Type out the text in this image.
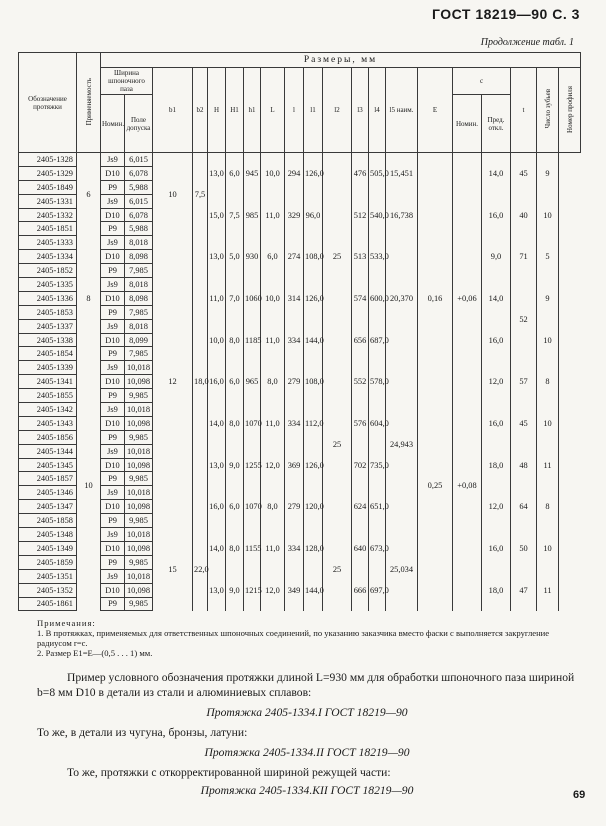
ГОСТ 18219—90 С. 3
Продолжение табл. 1
Обозначение протяжки	Применяемость	Размеры, мм																			
		Ширина шпоночного паза		b1	b2	H	H1	h1	L	l	l1	l2	l3	l4	l5 наим.	E	c		t	Число зубьев	Номер профиля
		Номин.	Поле допуска														Номин.	Пред. откл.			
2405-1328	6	Js9	6,015	10	7,5	13,0	6,0	945	10,0	294	126,0	25	476	505,0	15,451			14,0	45	9	
2405-1329		D10	6,078																		
2405-1849		P9	5,988																		
2405-1331		Js9	6,015			15,0	7,5	985	11,0	329	96,0		512	540,0	16,738			16,0	40	10	
2405-1332		D10	6,078																		
2405-1851		P9	5,988																		
2405-1333	8	Js9	8,018	12	18,0	13,0	5,0	930	6,0	274	108,0		513	533,0	20,370	0,16	+0,06	9,0	71	5	
2405-1334		D10	8,098																		
2405-1852		P9	7,985																		
2405-1335		Js9	8,018			11,0	7,0	1060	10,0	314	126,0		574	600,0				14,0	52	9	
2405-1336		D10	8,098																		
2405-1853		P9	7,985																		
2405-1337		Js9	8,018			10,0	8,0	1185	11,0	334	144,0		656	687,0				16,0		10	
2405-1338		D10	8,099																		
2405-1854		P9	7,985																		
2405-1339	10	Js9	10,018			16,0	6,0	965	8,0	279	108,0	25	552	578,0	24,943	0,25	+0,08	12,0	57	8	
2405-1341		D10	10,098																		
2405-1855		P9	9,985																		
2405-1342		Js9	10,018			14,0	8,0	1070	11,0	334	112,0		576	604,0				16,0	45	10	
2405-1343		D10	10,098																		
2405-1856		P9	9,985																		
2405-1344		Js9	10,018			13,0	9,0	1255	12,0	369	126,0		702	735,0				18,0	48	11	
2405-1345		D10	10,098																		
2405-1857		P9	9,985																		
2405-1346		Js9	10,018			16,0	6,0	1070	8,0	279	120,0		624	651,0				12,0	64	8	
2405-1347		D10	10,098																		
2405-1858		P9	9,985																		
2405-1348		Js9	10,018	15	22,0	14,0	8,0	1155	11,0	334	128,0	25	640	673,0	25,034			16,0	50	10	
2405-1349		D10	10,098																		
2405-1859		P9	9,985																		
2405-1351		Js9	10,018			13,0	9,0	1215	12,0	349	144,0		666	697,0				18,0	47	11	
2405-1352		D10	10,098																		
2405-1861		P9	9,985																		

Примечания:

1. В протяжках, применяемых для ответственных шпоночных соединений, по указанию заказчика вместо фаски c выполняется закругление радиусом r=c.

2. Размер E1=E—(0,5 . . . 1) мм.

Пример условного обозначения протяжки длиной L=930 мм для обработки шпоночного паза шириной b=8 мм D10 в детали из стали и алюминиевых сплавов:

Протяжка 2405-1334.I ГОСТ 18219—90

То же, в детали из чугуна, бронзы, латуни:

Протяжка 2405-1334.II ГОСТ 18219—90

То же, протяжки с откорректированной шириной режущей части:

Протяжка 2405-1334.KII ГОСТ 18219—90	69
